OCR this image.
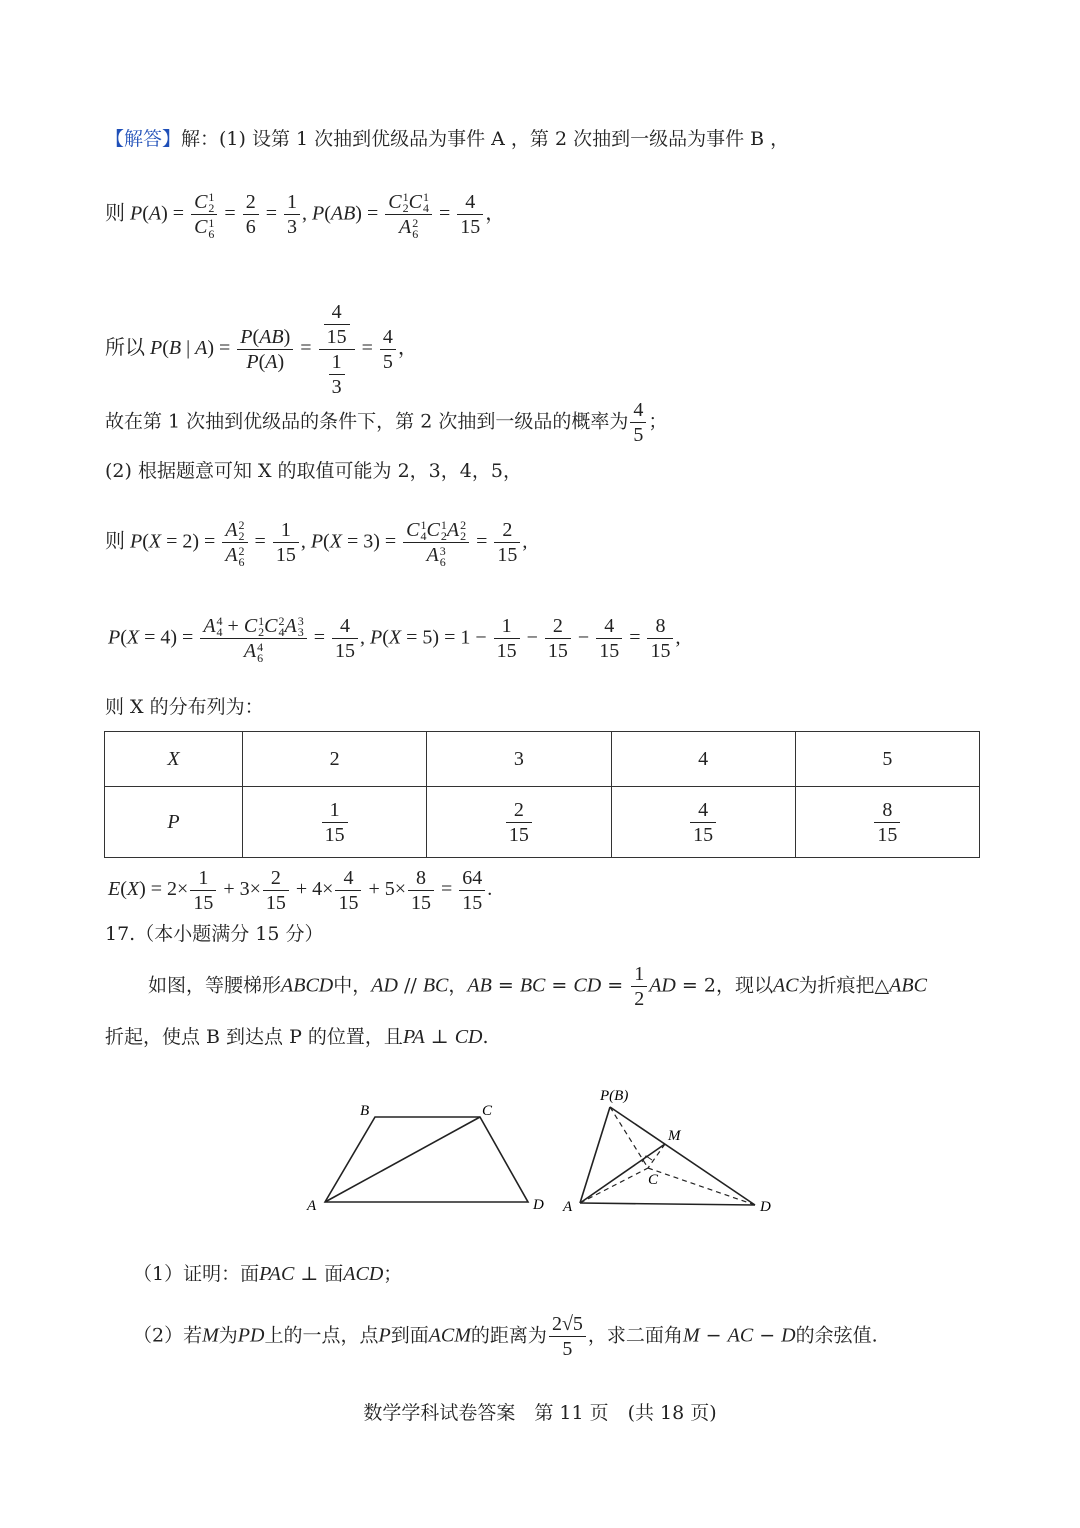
【解答】解：(1) 设第 1 次抽到优级品为事件 A ，第 2 次抽到一级品为事件 B ，
则 P(A) = C 1
2
C 1
$6 = \frac{2}{6} = \frac{1}{3}$ , P(AB) = C 1
2 C 1
4
A 2
$6 = \frac{4}{15}$ ，
所以 P(B | $A) = \frac{P(AB)}{P(A)} = \frac{\frac{4}{15}}{\frac{1}{3}} = \frac{4}{5}$ ，
故在第 1 次抽到优级品的条件下，第 2 次抽到一级品的概率为 $\frac{4}{5}$ ；
(2) 根据题意可知 X 的取值可能为 2，3，4，5，
则 P(X = 2) = A 2
2
A 2
$6 = \frac{1}{15}$ , P(X = 3) = C 1
4 C 1
2 A 2
2
A 3
$6 = \frac{2}{15}$ ,
P(X = 4) = A 4
4 + C 1
2 C 2
4 A 3
3
A 4
$6 = \frac{4}{15}$ , $P(X = 5) = 1 - \frac{1}{15} - \frac{2}{15} - \frac{4}{15} = \frac{8}{15}$ ,
则 X 的分布列为：
X	2	3	4	5
P	$\frac{1}{15}$	$\frac{2}{15}$	$\frac{4}{15}$	$\frac{8}{15}$
$E(X) = 2\times \frac{1}{15} + 3\times \frac{2}{15} + 4\times \frac{4}{15} + 5\times \frac{8}{15} = \frac{64}{15}$ .
17.（本小题满分 15 分）
如图，等腰梯形ABCD中，AD // BC，AB = BC = CD = $\frac{1}{2}$ AD = 2，现以AC为折痕把△ABC
折起，使点 B 到达点 P 的位置，且PA ⊥ CD.
A
B	C
D
P(B)
M
C
A	D
（1）证明：面PAC ⊥ 面ACD；
（2）若M为PD上的一点，点P到面ACM的距离为 $\frac{2√5}{5}$ ，求二面角M − AC − D的余弦值.
数学学科试卷答案　第 11 页　(共 18 页)
